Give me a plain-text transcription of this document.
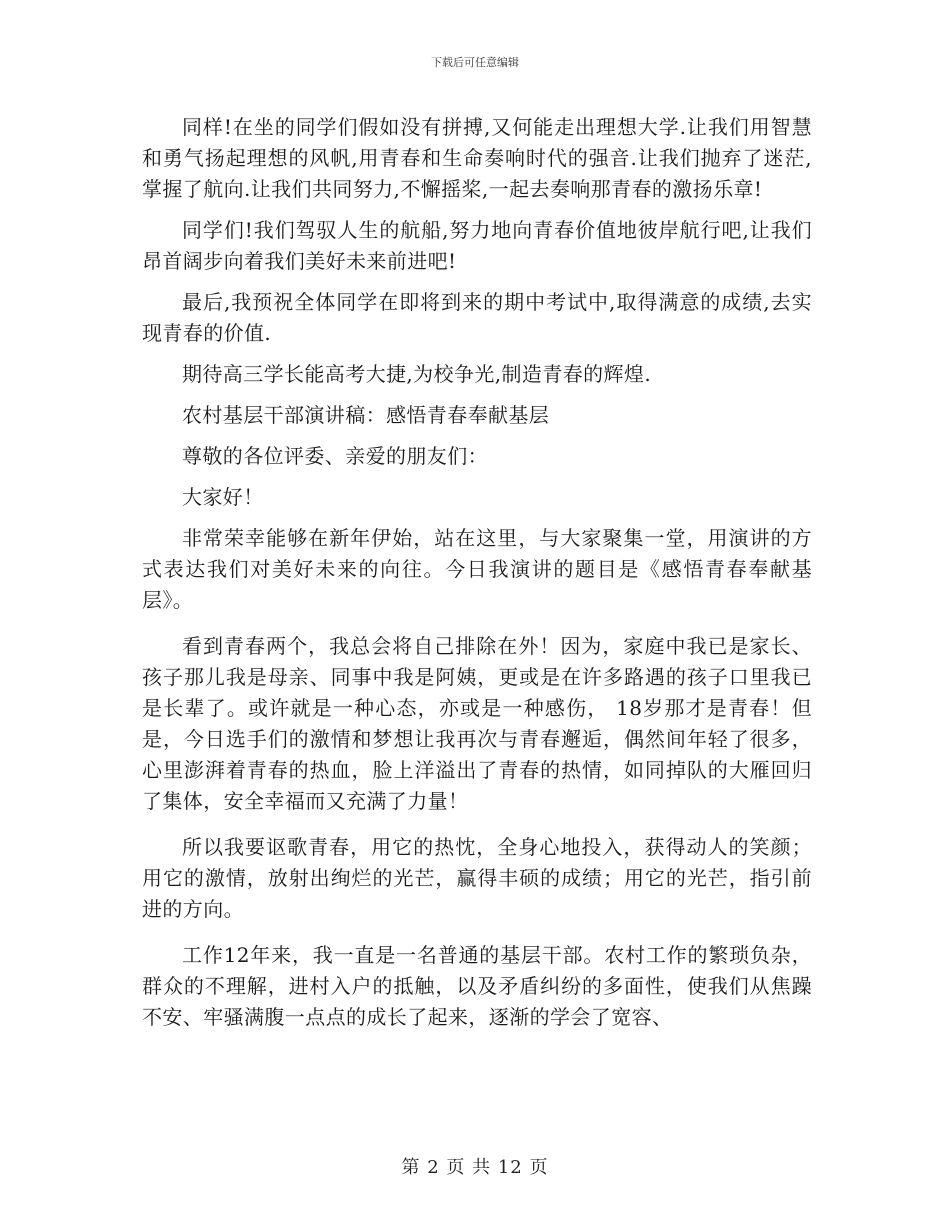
下载后可任意编辑

同样!在坐的同学们假如没有拼搏,又何能走出理想大学.让我们用智慧和勇气扬起理想的风帆,用青春和生命奏响时代的强音.让我们抛弃了迷茫,掌握了航向.让我们共同努力,不懈摇桨,一起去奏响那青春的激扬乐章!

同学们!我们驾驭人生的航船,努力地向青春价值地彼岸航行吧,让我们昂首阔步向着我们美好未来前进吧!

最后,我预祝全体同学在即将到来的期中考试中,取得满意的成绩,去实现青春的价值.

期待高三学长能高考大捷,为校争光,制造青春的辉煌.

农村基层干部演讲稿：感悟青春奉献基层

尊敬的各位评委、亲爱的朋友们：

大家好！

非常荣幸能够在新年伊始，站在这里，与大家聚集一堂，用演讲的方式表达我们对美好未来的向往。今日我演讲的题目是《感悟青春奉献基层》。

看到青春两个，我总会将自己排除在外！因为，家庭中我已是家长、孩子那儿我是母亲、同事中我是阿姨，更或是在许多路遇的孩子口里我已是长辈了。或许就是一种心态，亦或是一种感伤， 18岁那才是青春！但是，今日选手们的激情和梦想让我再次与青春邂逅，偶然间年轻了很多，心里澎湃着青春的热血，脸上洋溢出了青春的热情，如同掉队的大雁回归了集体，安全幸福而又充满了力量！

所以我要讴歌青春，用它的热忱，全身心地投入，获得动人的笑颜；用它的激情，放射出绚烂的光芒，赢得丰硕的成绩；用它的光芒，指引前进的方向。

工作12年来，我一直是一名普通的基层干部。农村工作的繁琐负杂，群众的不理解，进村入户的抵触，以及矛盾纠纷的多面性，使我们从焦躁不安、牢骚满腹一点点的成长了起来，逐渐的学会了宽容、

第 2 页 共 12 页
